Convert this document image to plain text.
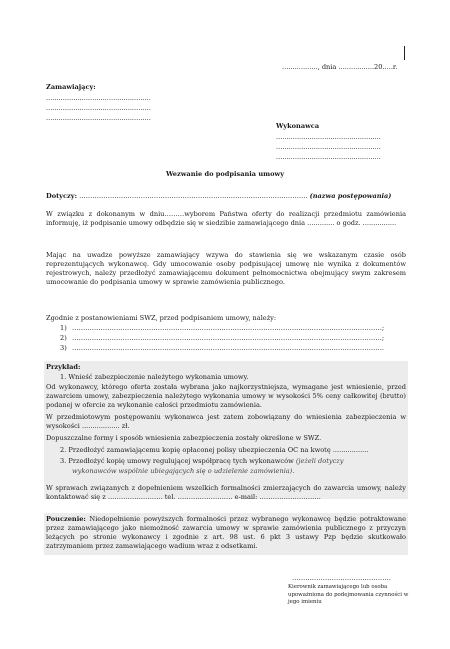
................., dnia .................20.....r.
Zamawiający:
..................................................
..................................................
..................................................
Wykonawca
..................................................
..................................................
..................................................
Wezwanie do podpisania umowy
Dotyczy: ………………………………………………………………………………………….. (nazwa postępowania)
W związku z dokonanym w dniu………wyborem Państwa oferty do realizacji przedmiotu zamówienia informuję, iż podpisanie umowy odbędzie się w siedzibie zamawiającego dnia ............. o godz. ................
Mając na uwadze powyższe zamawiający wzywa do stawienia się we wskazanym czasie osób reprezentujących wykonawcę. Gdy umocowanie osoby podpisującej umowę nie wynika z dokumentów rejestrowych, należy przedłożyć zamawiającemu dokument pełnomocnictwa obejmujący swym zakresem umocowanie do podpisania umowy w sprawie zamówienia publicznego.
Zgodnie z postanowieniami SWZ, przed podpisaniem umowy, należy:
1) ……………………………………………………………………………………………………………………………;
2) ……………………………………………………………………………………………………………………………;
3) …………………………………………………………………………………………………………………………….
Przykład:
1. Wnieść zabezpieczenie należytego wykonania umowy.
Od wykonawcy, którego oferta została wybrana jako najkorzystniejsza, wymagane jest wniesienie, przed zawarciem umowy, zabezpieczenia należytego wykonania umowy w wysokości 5% ceny całkowitej (brutto) podanej w ofercie za wykonanie całości przedmiotu zamówienia.
W przedmiotowym postępowaniu wykonawca jest zatem zobowiązany do wniesienia zabezpieczenia w wysokości .................. zł.
Dopuszczalne formy i sposób wniesienia zabezpieczenia zostały określone w SWZ.
2. Przedłożyć zamawiającemu kopię opłaconej polisy ubezpieczenia OC na kwotę .................
3. Przedłożyć kopię umowy regulującej współpracę tych wykonawców (jeżeli dotyczy
wykonawców wspólnie ubiegających się o udzielenie zamówienia).
W sprawach związanych z dopełnieniem wszelkich formalności zmierzających do zawarcia umowy, należy kontaktować się z ……………………. tel. ……………………. e-mail: ……………………….
Pouczenie: Niedopełnienie powyższych formalności przez wybranego wykonawcę będzie potraktowane przez zamawiającego jako niemożność zawarcia umowy w sprawie zamówienia publicznego z przyczyn leżących po stronie wykonawcy i zgodnie z art. 98 ust. 6 pkt 3 ustawy Pzp będzie skutkowało zatrzymaniem przez zamawiającego wadium wraz z odsetkami.
………………………………………
Kierownik zamawiającego lub osoba upoważniona do podejmowania czynności w jego imieniu
